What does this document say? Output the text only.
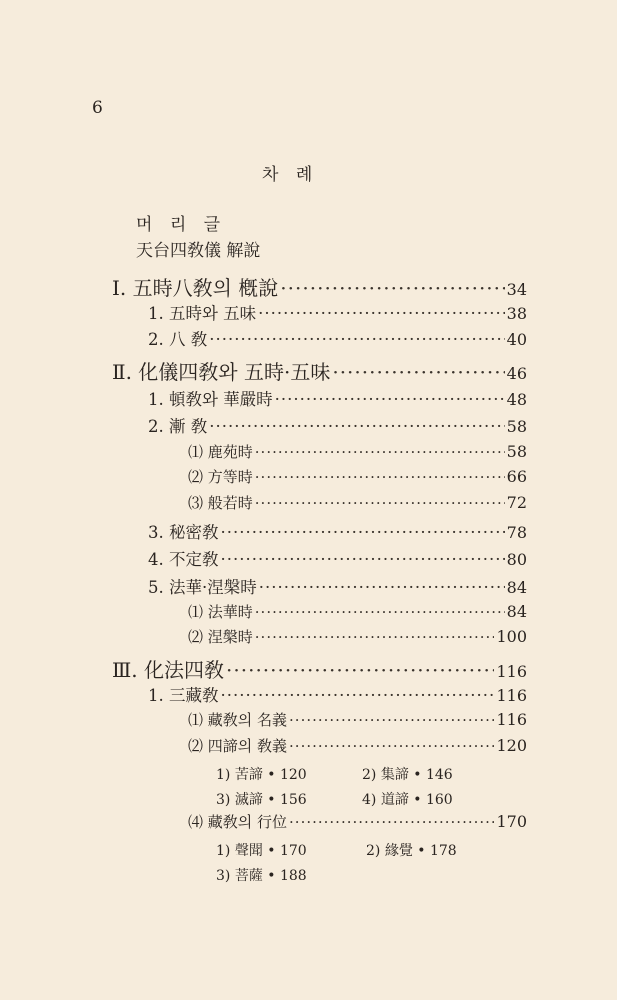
6
차 례
머 리 글
天台四敎儀 解說
Ⅰ. 五時八敎의 槪說 ·····	34
1. 五時와 五味 ·····	38
2. 八 敎 ·····	40
Ⅱ. 化儀四敎와 五時·五味 ·····	46
1. 頓敎와 華嚴時 ·····	48
2. 漸 敎 ·····	58
⑴ 鹿苑時 ·····	58
⑵ 方等時 ·····	66
⑶ 般若時 ·····	72
3. 秘密敎 ·····	78
4. 不定敎 ·····	80
5. 法華·涅槃時 ·····	84
⑴ 法華時 ·····	84
⑵ 涅槃時 ·····	100
Ⅲ. 化法四敎 ·····	116
1. 三藏敎 ·····	116
⑴ 藏敎의 名義 ·····	116
⑵ 四諦의 敎義 ·····	120
1) 苦諦 • 120	2) 集諦 • 146
3) 滅諦 • 156	4) 道諦 • 160
⑷ 藏敎의 行位 ·····	170
1) 聲聞 • 170	2) 緣覺 • 178
3) 菩薩 • 188
